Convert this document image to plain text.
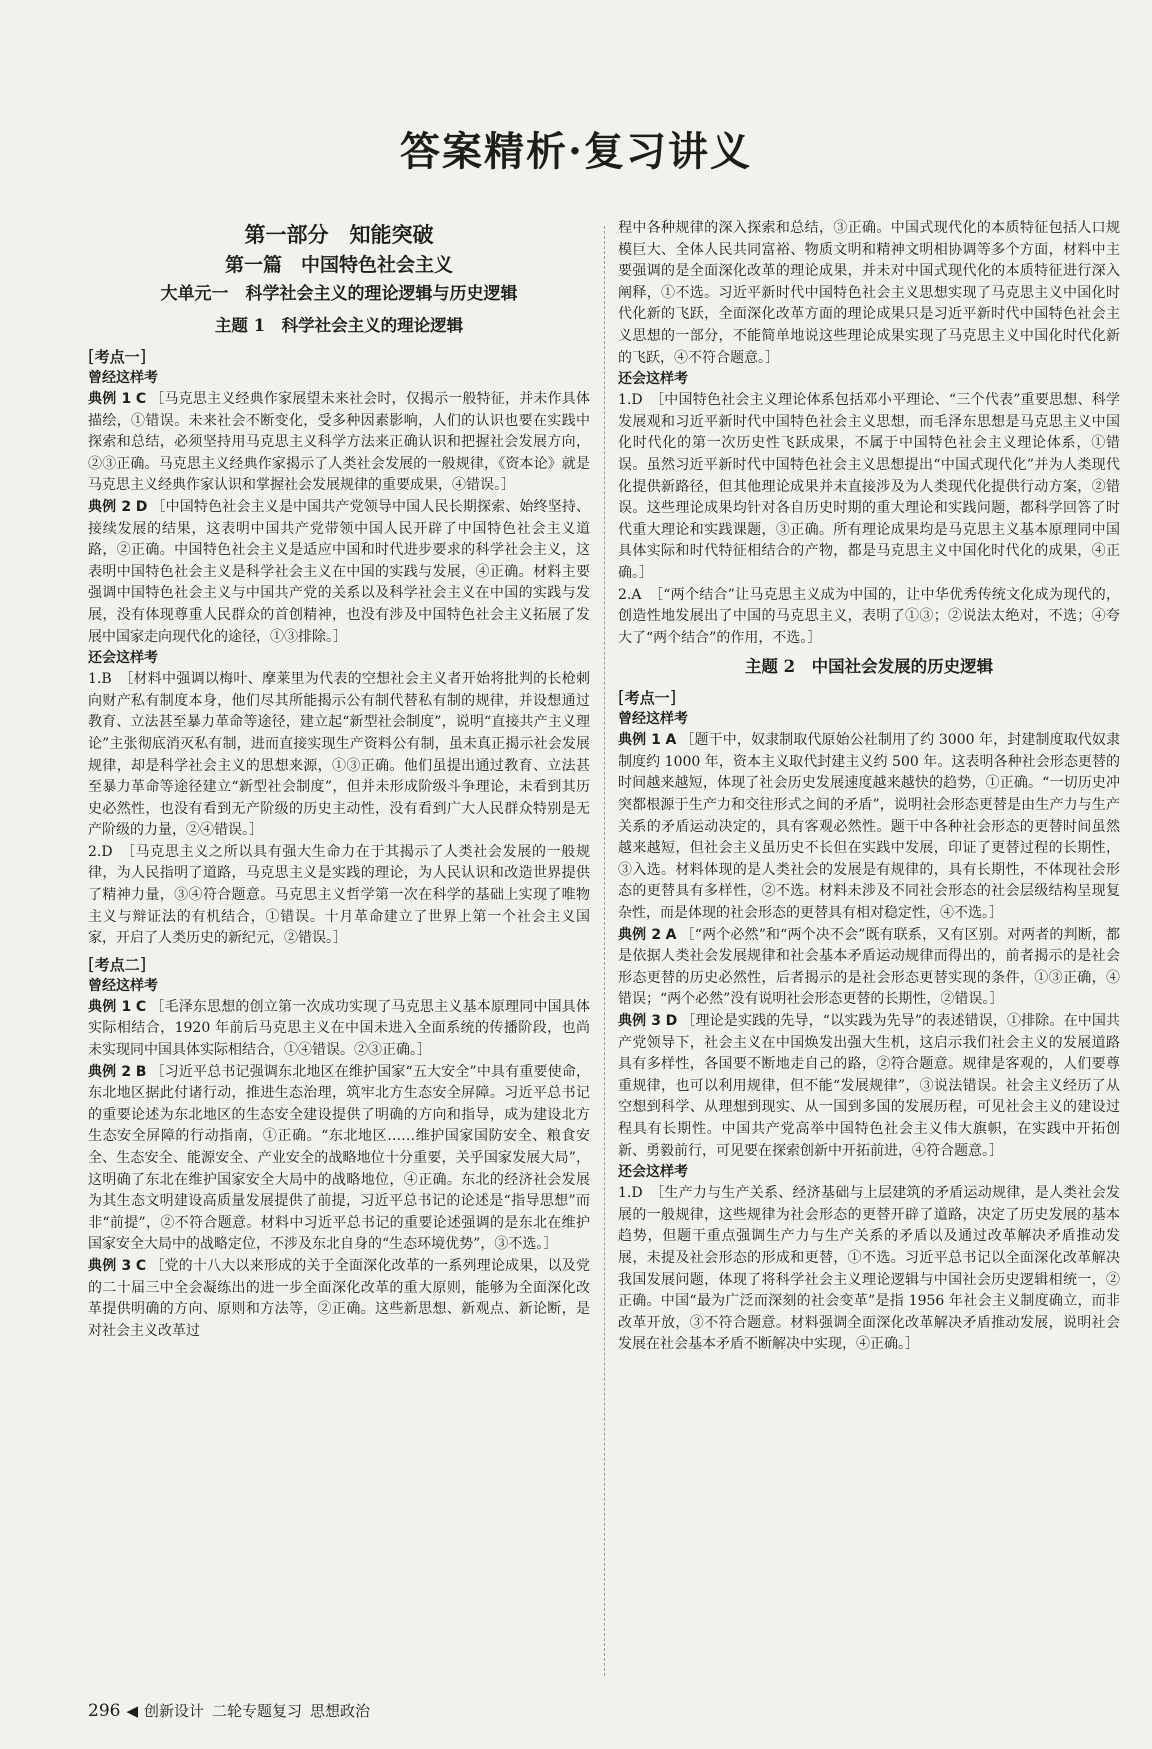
答案精析·复习讲义
第一部分　知能突破
第一篇　中国特色社会主义
大单元一　科学社会主义的理论逻辑与历史逻辑
主题 1　科学社会主义的理论逻辑
[考点一]
曾经这样考

典例 1 C ［马克思主义经典作家展望未来社会时，仅揭示一般特征，并未作具体描绘，①错误。未来社会不断变化，受多种因素影响，人们的认识也要在实践中探索和总结，必须坚持用马克思主义科学方法来正确认识和把握社会发展方向，②③正确。马克思主义经典作家揭示了人类社会发展的一般规律，《资本论》就是马克思主义经典作家认识和掌握社会发展规律的重要成果，④错误。］

典例 2 D ［中国特色社会主义是中国共产党领导中国人民长期探索、始终坚持、接续发展的结果，这表明中国共产党带领中国人民开辟了中国特色社会主义道路，②正确。中国特色社会主义是适应中国和时代进步要求的科学社会主义，这表明中国特色社会主义是科学社会主义在中国的实践与发展，④正确。材料主要强调中国特色社会主义与中国共产党的关系以及科学社会主义在中国的实践与发展，没有体现尊重人民群众的首创精神，也没有涉及中国特色社会主义拓展了发展中国家走向现代化的途径，①③排除。］

还会这样考

1.B　［材料中强调以梅叶、摩莱里为代表的空想社会主义者开始将批判的长枪刺向财产私有制度本身，他们尽其所能揭示公有制代替私有制的规律，并设想通过教育、立法甚至暴力革命等途径，建立起“新型社会制度”，说明“直接共产主义理论”主张彻底消灭私有制，进而直接实现生产资料公有制，虽未真正揭示社会发展规律，却是科学社会主义的思想来源，①③正确。他们虽提出通过教育、立法甚至暴力革命等途径建立“新型社会制度”，但并未形成阶级斗争理论，未看到其历史必然性，也没有看到无产阶级的历史主动性，没有看到广大人民群众特别是无产阶级的力量，②④错误。］

2.D　［马克思主义之所以具有强大生命力在于其揭示了人类社会发展的一般规律，为人民指明了道路，马克思主义是实践的理论，为人民认识和改造世界提供了精神力量，③④符合题意。马克思主义哲学第一次在科学的基础上实现了唯物主义与辩证法的有机结合，①错误。十月革命建立了世界上第一个社会主义国家，开启了人类历史的新纪元，②错误。］

[考点二]
曾经这样考

典例 1 C ［毛泽东思想的创立第一次成功实现了马克思主义基本原理同中国具体实际相结合，1920 年前后马克思主义在中国未进入全面系统的传播阶段，也尚未实现同中国具体实际相结合，①④错误。②③正确。］

典例 2 B ［习近平总书记强调东北地区在维护国家“五大安全”中具有重要使命，东北地区据此付诸行动，推进生态治理，筑牢北方生态安全屏障。习近平总书记的重要论述为东北地区的生态安全建设提供了明确的方向和指导，成为建设北方生态安全屏障的行动指南，①正确。“东北地区……维护国家国防安全、粮食安全、生态安全、能源安全、产业安全的战略地位十分重要，关乎国家发展大局”，这明确了东北在维护国家安全大局中的战略地位，④正确。东北的经济社会发展为其生态文明建设高质量发展提供了前提，习近平总书记的论述是“指导思想”而非“前提”，②不符合题意。材料中习近平总书记的重要论述强调的是东北在维护国家安全大局中的战略定位，不涉及东北自身的“生态环境优势”，③不选。］

典例 3 C ［党的十八大以来形成的关于全面深化改革的一系列理论成果，以及党的二十届三中全会凝练出的进一步全面深化改革的重大原则，能够为全面深化改革提供明确的方向、原则和方法等，②正确。这些新思想、新观点、新论断，是对社会主义改革过

程中各种规律的深入探索和总结，③正确。中国式现代化的本质特征包括人口规模巨大、全体人民共同富裕、物质文明和精神文明相协调等多个方面，材料中主要强调的是全面深化改革的理论成果，并未对中国式现代化的本质特征进行深入阐释，①不选。习近平新时代中国特色社会主义思想实现了马克思主义中国化时代化新的飞跃，全面深化改革方面的理论成果只是习近平新时代中国特色社会主义思想的一部分，不能简单地说这些理论成果实现了马克思主义中国化时代化新的飞跃，④不符合题意。］

还会这样考

1.D　［中国特色社会主义理论体系包括邓小平理论、“三个代表”重要思想、科学发展观和习近平新时代中国特色社会主义思想，而毛泽东思想是马克思主义中国化时代化的第一次历史性飞跃成果，不属于中国特色社会主义理论体系，①错误。虽然习近平新时代中国特色社会主义思想提出“中国式现代化”并为人类现代化提供新路径，但其他理论成果并未直接涉及为人类现代化提供行动方案，②错误。这些理论成果均针对各自历史时期的重大理论和实践问题，都科学回答了时代重大理论和实践课题，③正确。所有理论成果均是马克思主义基本原理同中国具体实际和时代特征相结合的产物，都是马克思主义中国化时代化的成果，④正确。］

2.A　［“两个结合”让马克思主义成为中国的，让中华优秀传统文化成为现代的，创造性地发展出了中国的马克思主义，表明了①③；②说法太绝对，不选；④夸大了“两个结合”的作用，不选。］

主题 2　中国社会发展的历史逻辑
[考点一]
曾经这样考

典例 1 A ［题干中，奴隶制取代原始公社制用了约 3000 年，封建制度取代奴隶制度约 1000 年，资本主义取代封建主义约 500 年。这表明各种社会形态更替的时间越来越短，体现了社会历史发展速度越来越快的趋势，①正确。“一切历史冲突都根源于生产力和交往形式之间的矛盾”，说明社会形态更替是由生产力与生产关系的矛盾运动决定的，具有客观必然性。题干中各种社会形态的更替时间虽然越来越短，但社会主义虽历史不长但在实践中发展，印证了更替过程的长期性，③入选。材料体现的是人类社会的发展是有规律的，具有长期性，不体现社会形态的更替具有多样性，②不选。材料未涉及不同社会形态的社会层级结构呈现复杂性，而是体现的社会形态的更替具有相对稳定性，④不选。］

典例 2 A ［“两个必然”和“两个决不会”既有联系，又有区别。对两者的判断，都是依据人类社会发展规律和社会基本矛盾运动规律而得出的，前者揭示的是社会形态更替的历史必然性，后者揭示的是社会形态更替实现的条件，①③正确，④错误；“两个必然”没有说明社会形态更替的长期性，②错误。］

典例 3 D ［理论是实践的先导，“以实践为先导”的表述错误，①排除。在中国共产党领导下，社会主义在中国焕发出强大生机，这启示我们社会主义的发展道路具有多样性，各国要不断地走自己的路，②符合题意。规律是客观的，人们要尊重规律，也可以利用规律，但不能“发展规律”，③说法错误。社会主义经历了从空想到科学、从理想到现实、从一国到多国的发展历程，可见社会主义的建设过程具有长期性。中国共产党高举中国特色社会主义伟大旗帜，在实践中开拓创新、勇毅前行，可见要在探索创新中开拓前进，④符合题意。］

还会这样考

1.D　［生产力与生产关系、经济基础与上层建筑的矛盾运动规律，是人类社会发展的一般规律，这些规律为社会形态的更替开辟了道路，决定了历史发展的基本趋势，但题干重点强调生产力与生产关系的矛盾以及通过改革解决矛盾推动发展，未提及社会形态的形成和更替，①不选。习近平总书记以全面深化改革解决我国发展问题，体现了将科学社会主义理论逻辑与中国社会历史逻辑相统一，②正确。中国“最为广泛而深刻的社会变革”是指 1956 年社会主义制度确立，而非改革开放，③不符合题意。材料强调全面深化改革解决矛盾推动发展，说明社会发展在社会基本矛盾不断解决中实现，④正确。］

296 ◀ 创新设计 二轮专题复习 思想政治
